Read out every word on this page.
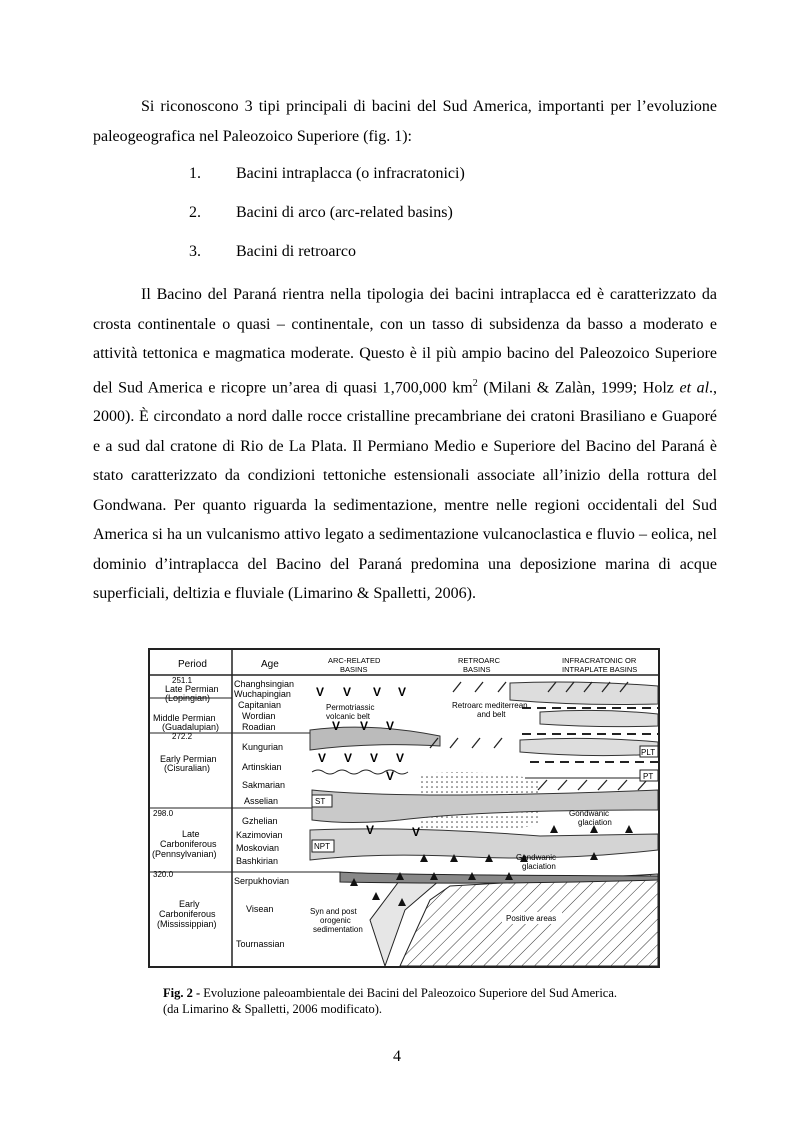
Si riconoscono 3 tipi principali di bacini del Sud America, importanti per l’evoluzione paleogeografica nel Paleozoico Superiore (fig. 1):

1. Bacini intraplacca (o infracratonici)
2. Bacini di arco (arc-related basins)
3. Bacini di retroarco

Il Bacino del Paraná rientra nella tipologia dei bacini intraplacca ed è caratterizzato da crosta continentale o quasi – continentale, con un tasso di subsidenza da basso a moderato e attività tettonica e magmatica moderate. Questo è il più ampio bacino del Paleozoico Superiore del Sud America e ricopre un’area di quasi 1,700,000 $km^2$ (Milani & Zalàn, 1999; Holz et al., 2000). È circondato a nord dalle rocce cristalline precambriane dei cratoni Brasiliano e Guaporé e a sud dal cratone di Rio de La Plata. Il Permiano Medio e Superiore del Bacino del Paraná è stato caratterizzato da condizioni tettoniche estensionali associate all’inizio della rottura del Gondwana. Per quanto riguarda la sedimentazione, mentre nelle regioni occidentali del Sud America si ha un vulcanismo attivo legato a sedimentazione vulcanoclastica e fluvio – eolica, nel dominio d’intraplacca del Bacino del Paraná predomina una deposizione marina di acque superficiali, deltizia e fluviale (Limarino & Spalletti, 2006).

Period	Age	ARC-RELATED
BASINS
RETROARC
BASINS
INFRACRATONIC OR
INTRAPLATE BASINS
251.1
272.2
298.0
320.0
Late Permian
(Lopingian)
Middle Permian
(Guadalupian)
Early Permian
(Cisuralian)
Late
Carboniferous
(Pennsylvanian)
Early
Carboniferous
(Mississippian)
Changhsingian
Wuchapingian
Capitanian
Wordian
Roadian
Kungurian
Artinskian
Sakmarian
Asselian
Gzhelian
Kazimovian
Moskovian
Bashkirian
Serpukhovian
Visean
Tournassian
V V V V
V V V
V V V V
V
V	V
Permotriassic
volcanic belt
Retroarc mediterrean
and belt
PLT
PT
ST
NPT
Gondwanic
glaciation
Gondwanic
glaciation
Syn and post
orogenic
sedimentation
Positive areas
Fig. 2 - Evoluzione paleoambientale dei Bacini del Paleozoico Superiore del Sud America.
(da Limarino & Spalletti, 2006 modificato).
4
